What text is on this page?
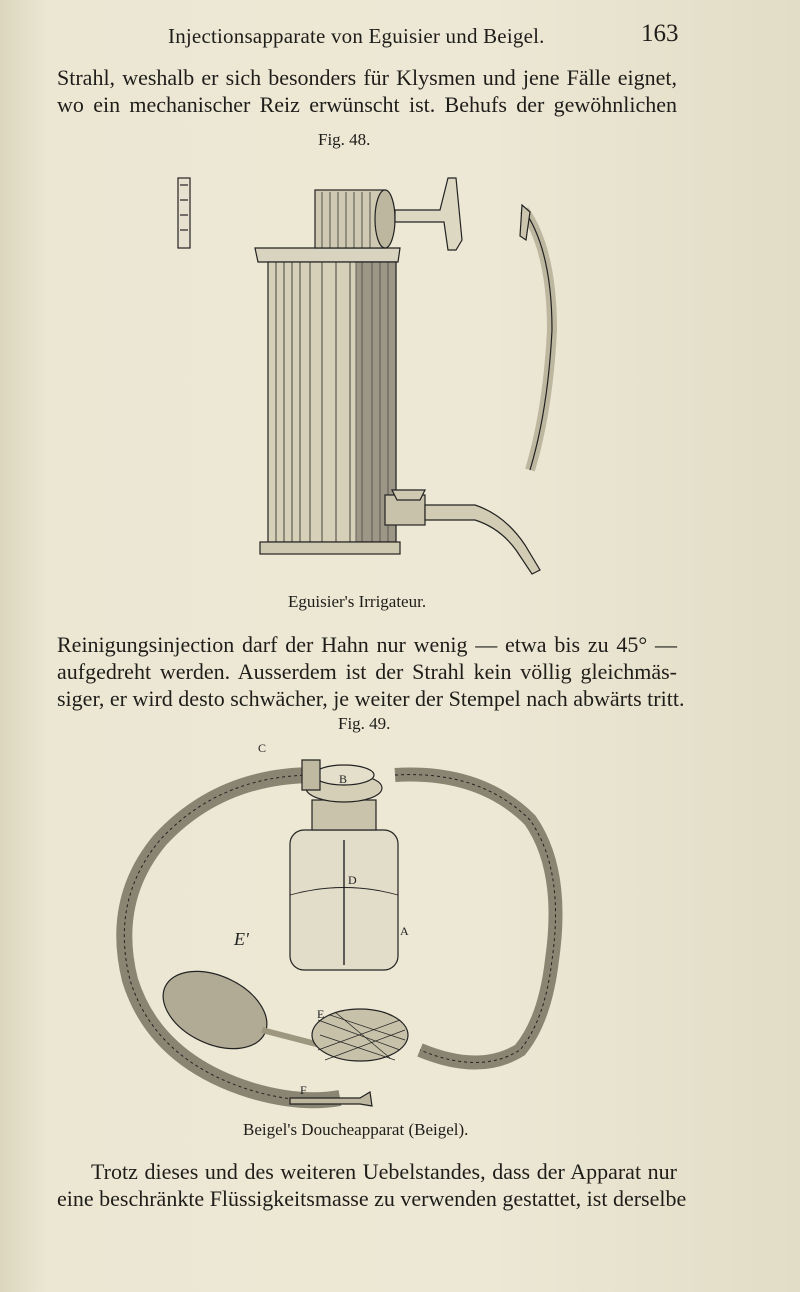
Injectionsapparate von Eguisier und Beigel.	163
Strahl, weshalb er sich besonders für Klysmen und jene Fälle eignet,
wo ein mechanischer Reiz erwünscht ist. Behufs der gewöhnlichen
Fig. 48.
Eguisier's Irrigateur.
Reinigungsinjection darf der Hahn nur wenig — etwa bis zu 45° —
aufgedreht werden. Ausserdem ist der Strahl kein völlig gleichmäs-
siger, er wird desto schwächer, je weiter der Stempel nach abwärts tritt.
Fig. 49.
C
B
D
A
E'
E
F
Beigel's Doucheapparat (Beigel).
Trotz dieses und des weiteren Uebelstandes, dass der Apparat nur
eine beschränkte Flüssigkeitsmasse zu verwenden gestattet, ist derselbe
